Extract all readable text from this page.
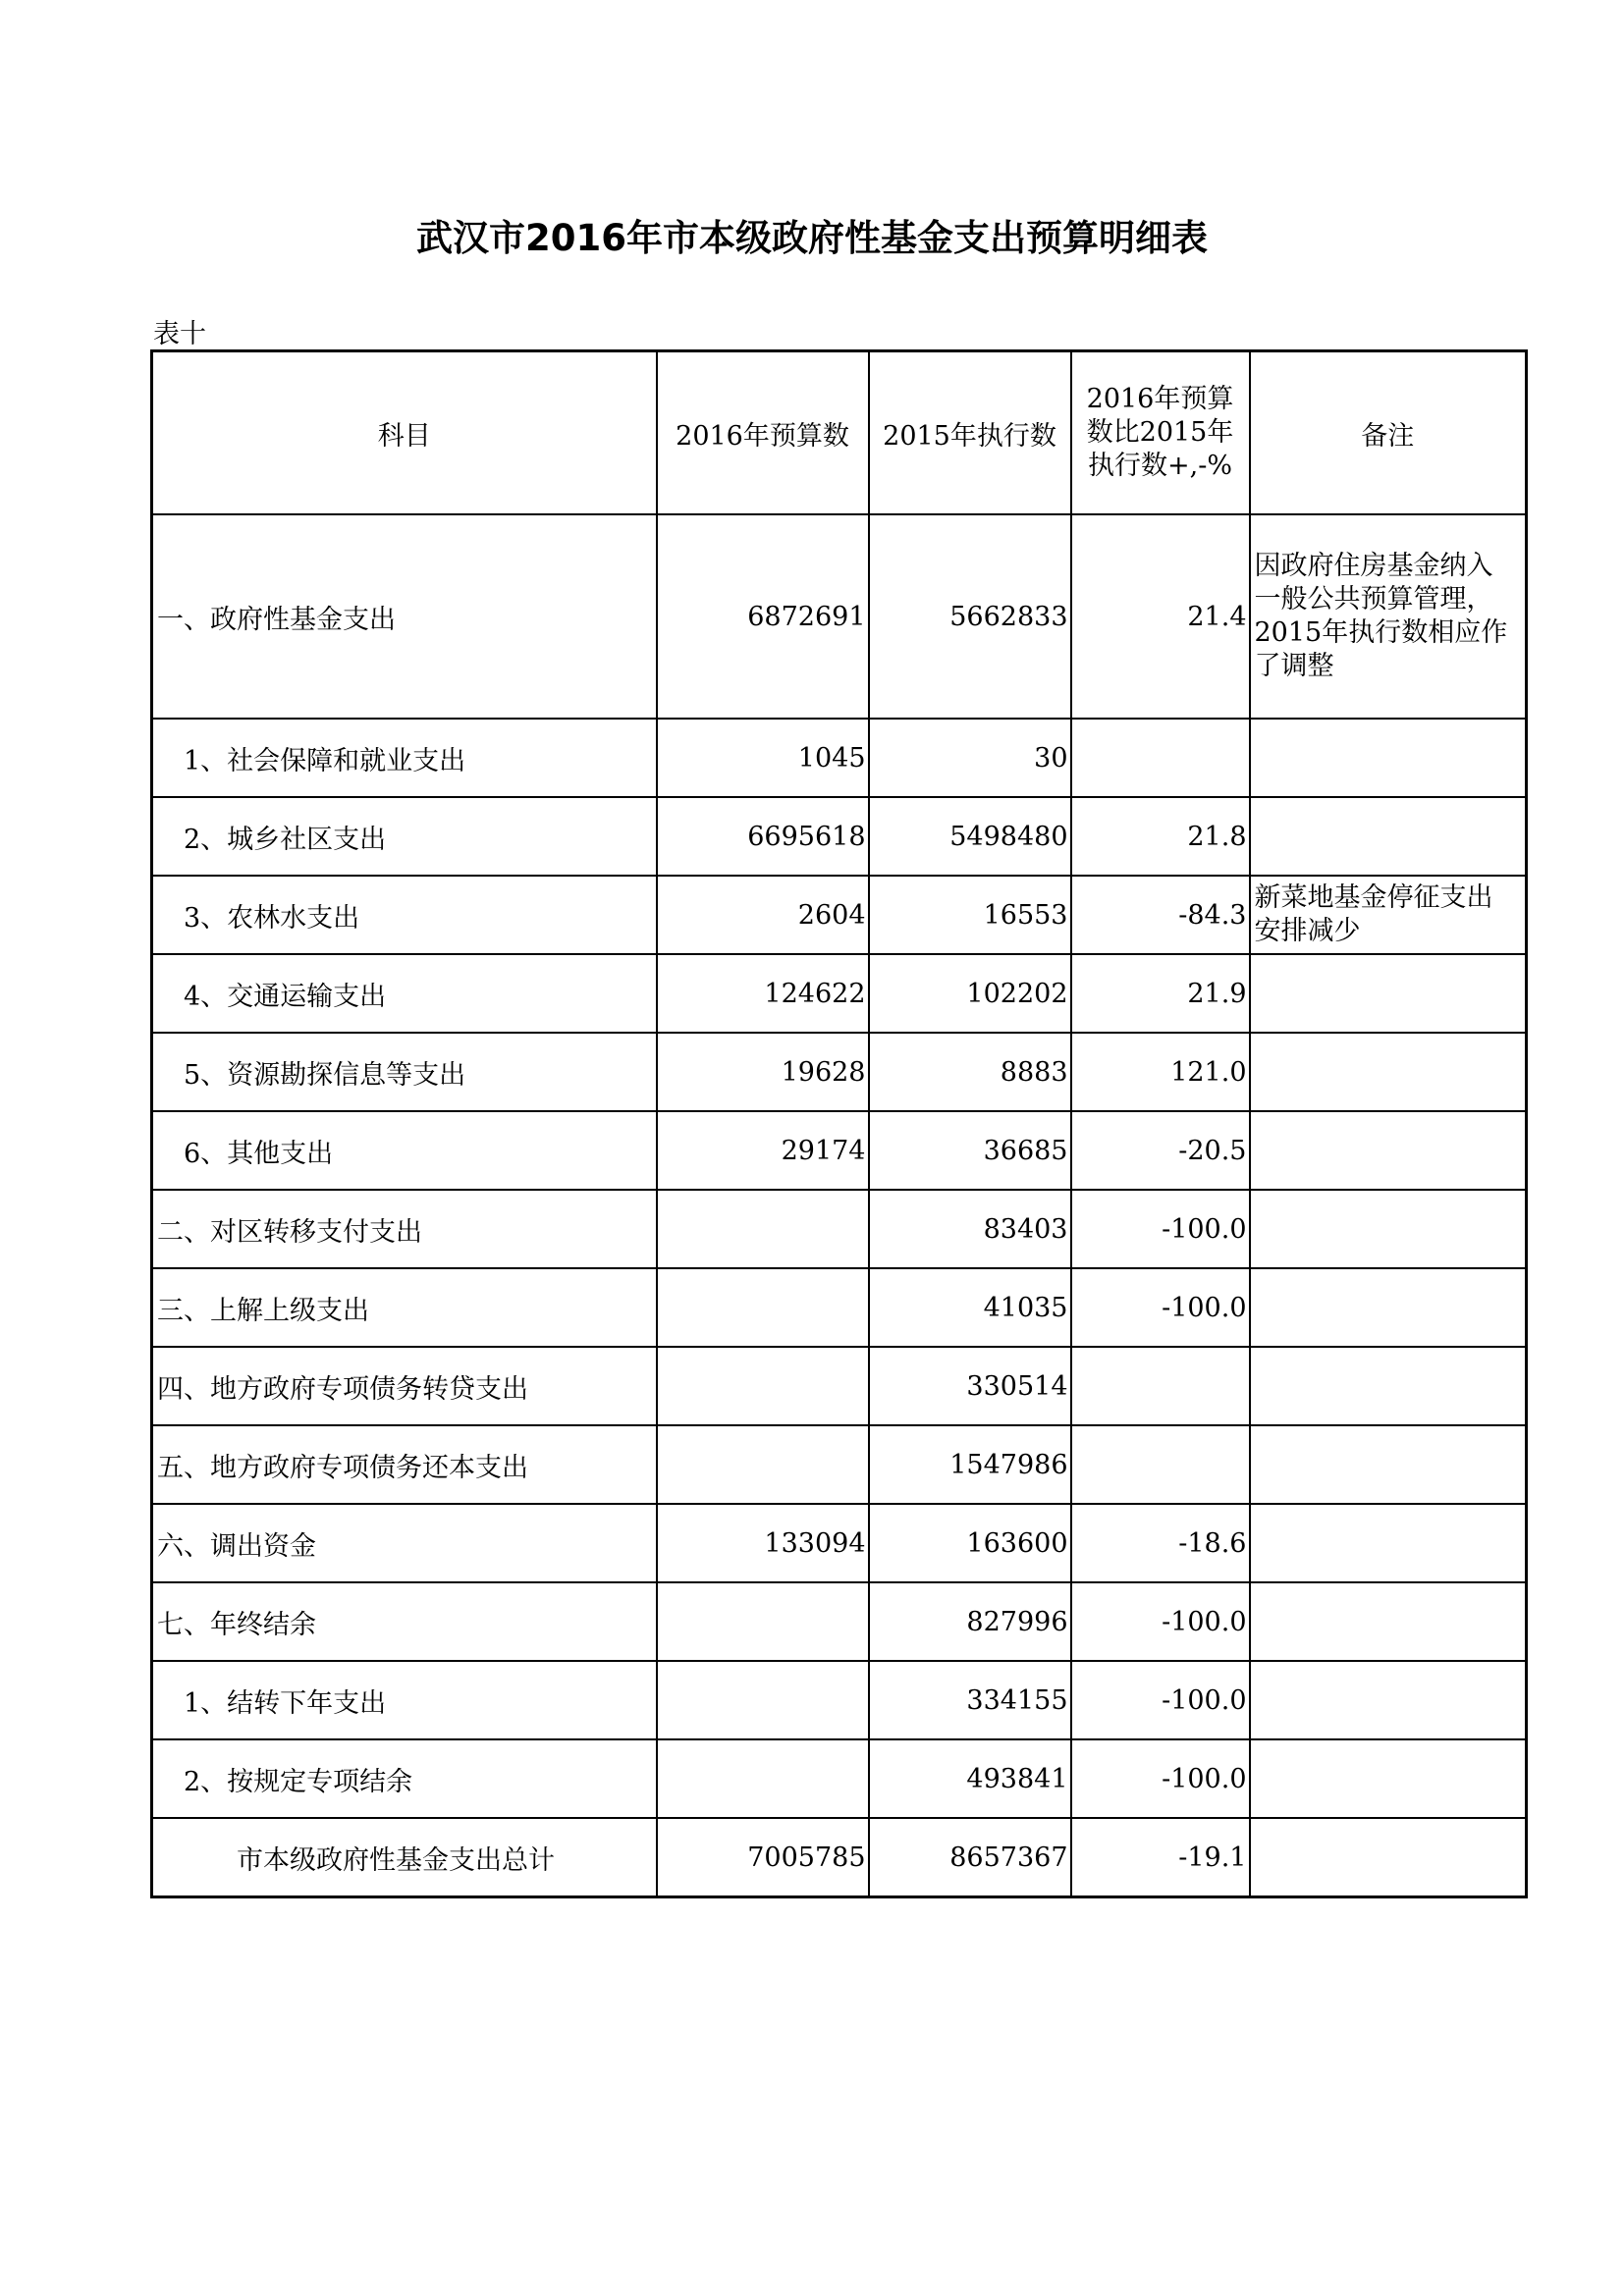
武汉市2016年市本级政府性基金支出预算明细表
表十
科目	2016年预算数	2015年执行数	2016年预算
数比2015年
执行数+,-%	备注
一、政府性基金支出	6872691	5662833	21.4	因政府住房基金纳入
一般公共预算管理，
2015年执行数相应作
了调整

　1、社会保障和就业支出	1045	30		
　2、城乡社区支出	6695618	5498480	21.8	
　3、农林水支出	2604	16553	-84.3	新菜地基金停征支出
安排减少

　4、交通运输支出	124622	102202	21.9	
　5、资源勘探信息等支出	19628	8883	121.0	
　6、其他支出	29174	36685	-20.5	
二、对区转移支付支出		83403	-100.0	
三、上解上级支出		41035	-100.0	
四、地方政府专项债务转贷支出		330514		
五、地方政府专项债务还本支出		1547986		
六、调出资金	133094	163600	-18.6	
七、年终结余		827996	-100.0	
　1、结转下年支出		334155	-100.0	
　2、按规定专项结余		493841	-100.0	
　　　市本级政府性基金支出总计	7005785	8657367	-19.1	
